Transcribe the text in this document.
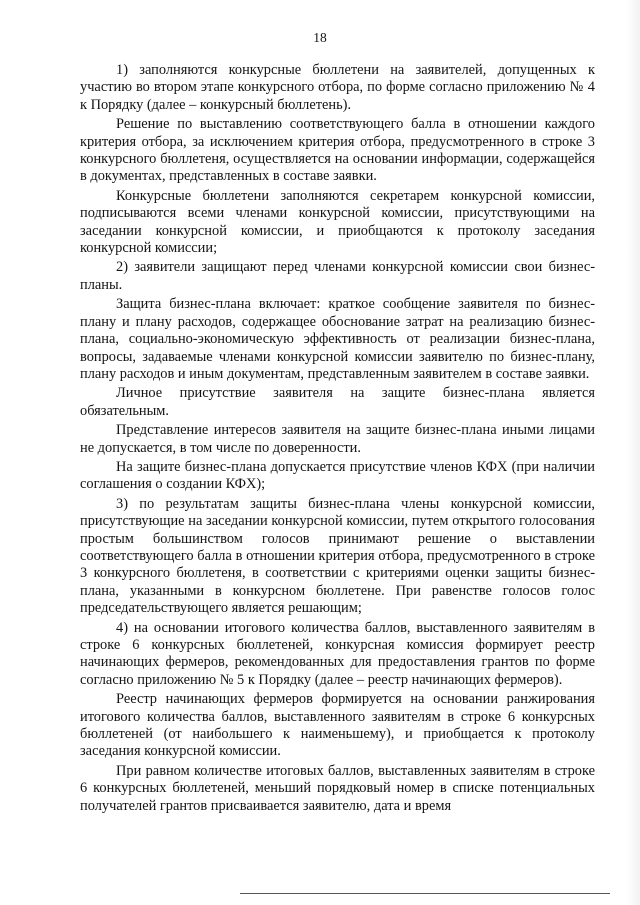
18

1) заполняются конкурсные бюллетени на заявителей, допущенных к участию во втором этапе конкурсного отбора, по форме согласно приложению № 4 к Порядку (далее – конкурсный бюллетень).

Решение по выставлению соответствующего балла в отношении каждого критерия отбора, за исключением критерия отбора, предусмотренного в строке 3 конкурсного бюллетеня, осуществляется на основании информации, содержащейся в документах, представленных в составе заявки.

Конкурсные бюллетени заполняются секретарем конкурсной комиссии, подписываются всеми членами конкурсной комиссии, присутствующими на заседании конкурсной комиссии, и приобщаются к протоколу заседания конкурсной комиссии;

2) заявители защищают перед членами конкурсной комиссии свои бизнес-планы.

Защита бизнес-плана включает: краткое сообщение заявителя по бизнес-плану и плану расходов, содержащее обоснование затрат на реализацию бизнес-плана, социально-экономическую эффективность от реализации бизнес-плана, вопросы, задаваемые членами конкурсной комиссии заявителю по бизнес-плану, плану расходов и иным документам, представленным заявителем в составе заявки.

Личное присутствие заявителя на защите бизнес-плана является обязательным.

Представление интересов заявителя на защите бизнес-плана иными лицами не допускается, в том числе по доверенности.

На защите бизнес-плана допускается присутствие членов КФХ (при наличии соглашения о создании КФХ);

3) по результатам защиты бизнес-плана члены конкурсной комиссии, присутствующие на заседании конкурсной комиссии, путем открытого голосования простым большинством голосов принимают решение о выставлении соответствующего балла в отношении критерия отбора, предусмотренного в строке 3 конкурсного бюллетеня, в соответствии с критериями оценки защиты бизнес-плана, указанными в конкурсном бюллетене. При равенстве голосов голос председательствующего является решающим;

4) на основании итогового количества баллов, выставленного заявителям в строке 6 конкурсных бюллетеней, конкурсная комиссия формирует реестр начинающих фермеров, рекомендованных для предоставления грантов по форме согласно приложению № 5 к Порядку (далее – реестр начинающих фермеров).

Реестр начинающих фермеров формируется на основании ранжирования итогового количества баллов, выставленного заявителям в строке 6 конкурсных бюллетеней (от наибольшего к наименьшему), и приобщается к протоколу заседания конкурсной комиссии.

При равном количестве итоговых баллов, выставленных заявителям в строке 6 конкурсных бюллетеней, меньший порядковый номер в списке потенциальных получателей грантов присваивается заявителю, дата и время
